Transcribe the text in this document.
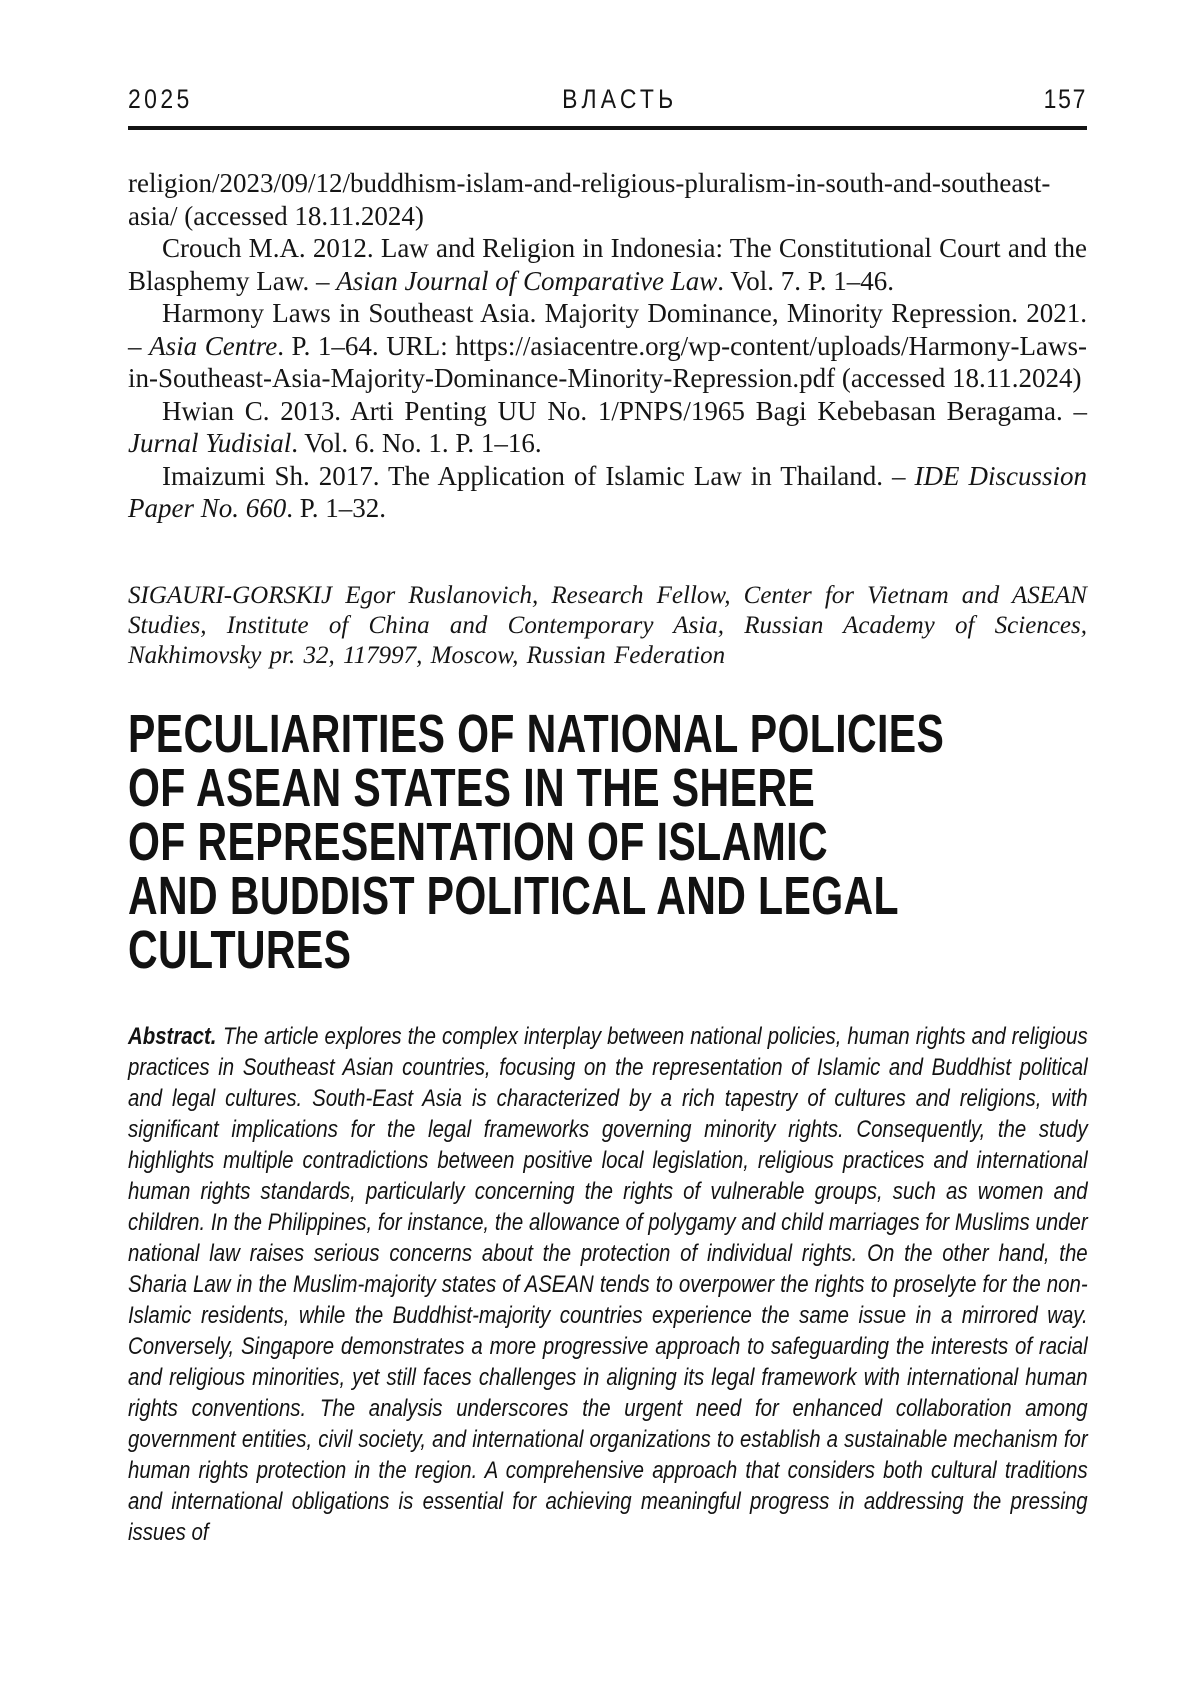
2025	ВЛАСТЬ	157

religion/2023/09/12/buddhism-islam-and-religious-pluralism-in-south-and-southeast-asia/ (accessed 18.11.2024)

Crouch M.A. 2012. Law and Religion in Indonesia: The Constitutional Court and the Blasphemy Law. – Asian Journal of Comparative Law. Vol. 7. P. 1–46.

Harmony Laws in Southeast Asia. Majority Dominance, Minority Repression. 2021. – Asia Centre. P. 1–64. URL: https://asiacentre.org/wp-content/uploads/Harmony-Laws-in-Southeast-Asia-Majority-Dominance-Minority-Repression.pdf (accessed 18.11.2024)

Hwian C. 2013. Arti Penting UU No. 1/PNPS/1965 Bagi Kebebasan Beragama. – Jurnal Yudisial. Vol. 6. No. 1. P. 1–16.

Imaizumi Sh. 2017. The Application of Islamic Law in Thailand. – IDE Discussion Paper No. 660. P. 1–32.

SIGAURI-GORSKIJ Egor Ruslanovich, Research Fellow, Center for Vietnam and ASEAN Studies, Institute of China and Contemporary Asia, Russian Academy of Sciences, Nakhimovsky pr. 32, 117997, Moscow, Russian Federation

PECULIARITIES OF NATIONAL POLICIES
OF ASEAN STATES IN THE SHERE
OF REPRESENTATION OF ISLAMIC
AND BUDDIST POLITICAL AND LEGAL
CULTURES

Abstract. The article explores the complex interplay between national policies, human rights and religious practices in Southeast Asian countries, focusing on the representation of Islamic and Buddhist political and legal cultures. South-East Asia is characterized by a rich tapestry of cultures and religions, with significant implications for the legal frameworks governing minority rights. Consequently, the study highlights multiple contradictions between positive local legislation, religious practices and international human rights standards, particularly concerning the rights of vulnerable groups, such as women and children. In the Philippines, for instance, the allowance of polygamy and child marriages for Muslims under national law raises serious concerns about the protection of individual rights. On the other hand, the Sharia Law in the Muslim-majority states of ASEAN tends to overpower the rights to proselyte for the non-Islamic residents, while the Buddhist-majority countries experience the same issue in a mirrored way. Conversely, Singapore demonstrates a more progressive approach to safeguarding the interests of racial and religious minorities, yet still faces challenges in aligning its legal framework with international human rights conventions. The analysis underscores the urgent need for enhanced collaboration among government entities, civil society, and international organizations to establish a sustainable mechanism for human rights protection in the region. A comprehensive approach that considers both cultural traditions and international obligations is essential for achieving meaningful progress in addressing the pressing issues of
